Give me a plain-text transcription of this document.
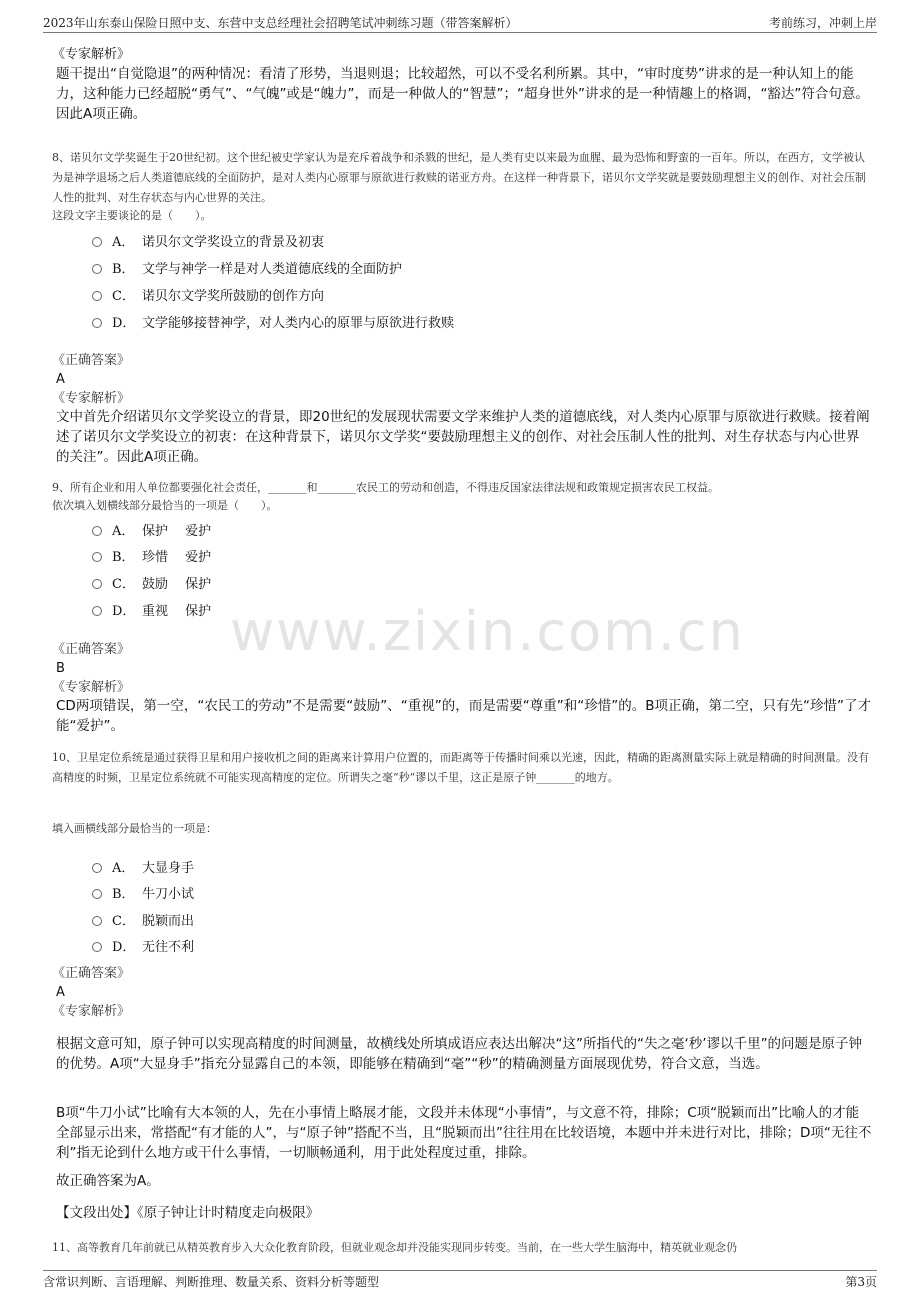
2023年山东泰山保险日照中支、东营中支总经理社会招聘笔试冲刺练习题（带答案解析）	考前练习，冲刺上岸
www.zixin.com.cn
《专家解析》
题干提出“自觉隐退”的两种情况：看清了形势，当退则退；比较超然，可以不受名利所累。其中，“审时度势”讲求的是一种认知上的能力，这种能力已经超脱“勇气”、“气魄”或是“魄力”，而是一种做人的“智慧”；“超身世外”讲求的是一种情趣上的格调，“豁达”符合句意。因此A项正确。
8、诺贝尔文学奖诞生于20世纪初。这个世纪被史学家认为是充斥着战争和杀戮的世纪，是人类有史以来最为血腥、最为恐怖和野蛮的一百年。所以，在西方，文学被认为是神学退场之后人类道德底线的全面防护，是对人类内心原罪与原欲进行救赎的诺亚方舟。在这样一种背景下，诺贝尔文学奖就是要鼓励理想主义的创作、对社会压制人性的批判、对生存状态与内心世界的关注。
这段文字主要谈论的是（　　）。
A． 诺贝尔文学奖设立的背景及初衷
B． 文学与神学一样是对人类道德底线的全面防护
C． 诺贝尔文学奖所鼓励的创作方向
D． 文学能够接替神学，对人类内心的原罪与原欲进行救赎
《正确答案》
A
《专家解析》
文中首先介绍诺贝尔文学奖设立的背景，即20世纪的发展现状需要文学来维护人类的道德底线，对人类内心原罪与原欲进行救赎。接着阐述了诺贝尔文学奖设立的初衷：在这种背景下，诺贝尔文学奖“要鼓励理想主义的创作、对社会压制人性的批判、对生存状态与内心世界的关注”。因此A项正确。
9、所有企业和用人单位都要强化社会责任，_______和_______农民工的劳动和创造，不得违反国家法律法规和政策规定损害农民工权益。
依次填入划横线部分最恰当的一项是（　　）。
A． 保护　 爱护
B． 珍惜　 爱护
C． 鼓励　 保护
D． 重视　 保护
《正确答案》
B
《专家解析》
CD两项错误，第一空，“农民工的劳动”不是需要“鼓励”、“重视”的，而是需要“尊重”和“珍惜”的。B项正确，第二空，只有先“珍惜”了才能“爱护”。
10、卫星定位系统是通过获得卫星和用户接收机之间的距离来计算用户位置的，而距离等于传播时间乘以光速，因此，精确的距离测量实际上就是精确的时间测量。没有高精度的时频，卫星定位系统就不可能实现高精度的定位。所谓失之毫“秒”谬以千里，这正是原子钟_______的地方。
填入画横线部分最恰当的一项是：
A． 大显身手
B． 牛刀小试
C． 脱颖而出
D． 无往不利
《正确答案》
A
《专家解析》
根据文意可知，原子钟可以实现高精度的时间测量，故横线处所填成语应表达出解决“这”所指代的“失之毫‘秒’谬以千里”的问题是原子钟的优势。A项“大显身手”指充分显露自己的本领，即能够在精确到“毫”“秒”的精确测量方面展现优势，符合文意，当选。
B项“牛刀小试”比喻有大本领的人，先在小事情上略展才能，文段并未体现“小事情”，与文意不符，排除；C项“脱颖而出”比喻人的才能全部显示出来，常搭配“有才能的人”，与“原子钟”搭配不当，且“脱颖而出”往往用在比较语境，本题中并未进行对比，排除；D项“无往不利”指无论到什么地方或干什么事情，一切顺畅通利，用于此处程度过重，排除。
故正确答案为A。
【文段出处】《原子钟让计时精度走向极限》
11、高等教育几年前就已从精英教育步入大众化教育阶段，但就业观念却并没能实现同步转变。当前，在一些大学生脑海中，精英就业观念仍
含常识判断、言语理解、判断推理、数量关系、资料分析等题型	第3页
